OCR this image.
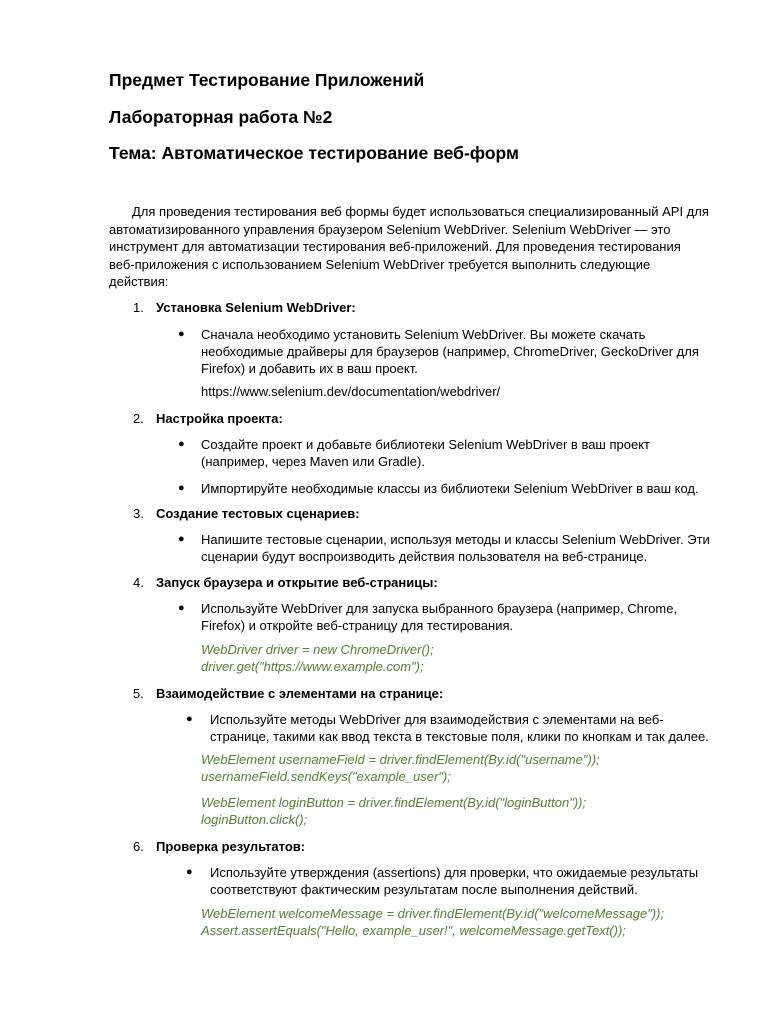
Предмет Тестирование Приложений
Лабораторная работа №2
Тема: Автоматическое тестирование веб-форм

Для проведения тестирования веб формы будет использоваться специализированный API для
автоматизированного управления браузером Selenium WebDriver. Selenium WebDriver — это
инструмент для автоматизации тестирования веб-приложений. Для проведения тестирования
веб-приложения с использованием Selenium WebDriver требуется выполнить следующие
действия:

1. Установка Selenium WebDriver:
● Сначала необходимо установить Selenium WebDriver. Вы можете скачать
необходимые драйверы для браузеров (например, ChromeDriver, GeckoDriver для
Firefox) и добавить их в ваш проект.
https://www.selenium.dev/documentation/webdriver/
2. Настройка проекта:
● Создайте проект и добавьте библиотеки Selenium WebDriver в ваш проект
(например, через Maven или Gradle).
● Импортируйте необходимые классы из библиотеки Selenium WebDriver в ваш код.
3. Создание тестовых сценариев:
● Напишите тестовые сценарии, используя методы и классы Selenium WebDriver. Эти
сценарии будут воспроизводить действия пользователя на веб-странице.
4. Запуск браузера и открытие веб-страницы:
● Используйте WebDriver для запуска выбранного браузера (например, Chrome,
Firefox) и откройте веб-страницу для тестирования.
WebDriver driver = new ChromeDriver();
driver.get("https://www.example.com");
5. Взаимодействие с элементами на странице:
● Используйте методы WebDriver для взаимодействия с элементами на веб-
странице, такими как ввод текста в текстовые поля, клики по кнопкам и так далее.
WebElement usernameField = driver.findElement(By.id("username"));
usernameField.sendKeys("example_user");
WebElement loginButton = driver.findElement(By.id("loginButton"));
loginButton.click();
6. Проверка результатов:
● Используйте утверждения (assertions) для проверки, что ожидаемые результаты
соответствуют фактическим результатам после выполнения действий.
WebElement welcomeMessage = driver.findElement(By.id("welcomeMessage"));
Assert.assertEquals("Hello, example_user!", welcomeMessage.getText());
